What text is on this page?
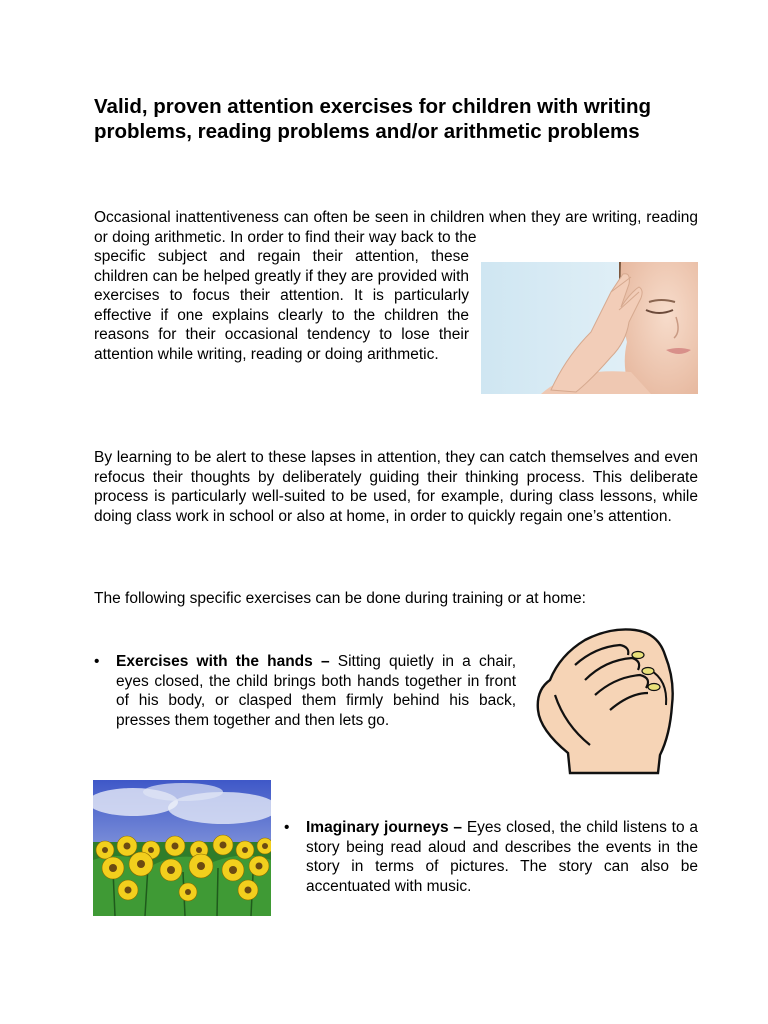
Valid, proven attention exercises for children with writing problems, reading problems and/or arithmetic problems

Occasional inattentiveness can often be seen in children when they are writing, reading or doing arithmetic. In order to find their way back to the

specific subject and regain their attention, these children can be helped greatly if they are provided with exercises to focus their attention. It is particularly effective if one explains clearly to the children the reasons for their occasional tendency to lose their attention while writing, reading or doing arithmetic.

By learning to be alert to these lapses in attention, they can catch themselves and even refocus their thoughts by deliberately guiding their thinking process. This deliberate process is particularly well-suited to be used, for example, during class lessons, while doing class work in school or also at home, in order to quickly regain one’s attention.

The following specific exercises can be done during training or at home:

•	Exercises with the hands – Sitting quietly in a chair, eyes closed, the child brings both hands together in front of his body, or clasped them firmly behind his back, presses them together and then lets go.
•	Imaginary journeys – Eyes closed, the child listens to a story being read aloud and describes the events in the story in terms of pictures. The story can also be accentuated with music.
